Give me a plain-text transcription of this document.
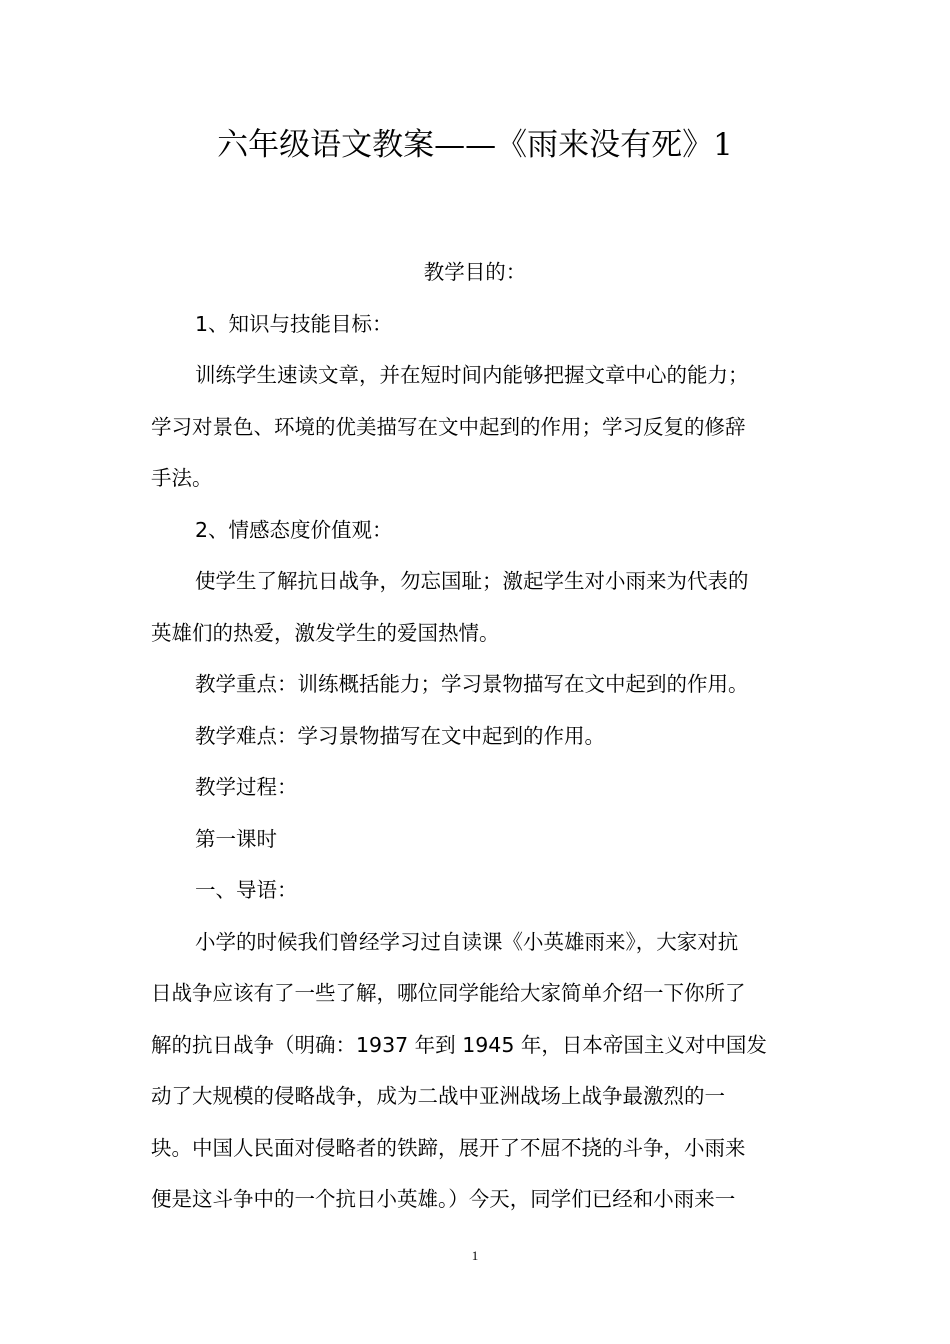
六年级语文教案——《雨来没有死》1

教学目的：

1、知识与技能目标：

训练学生速读文章，并在短时间内能够把握文章中心的能力；

学习对景色、环境的优美描写在文中起到的作用；学习反复的修辞

手法。

2、情感态度价值观：

使学生了解抗日战争，勿忘国耻；激起学生对小雨来为代表的

英雄们的热爱，激发学生的爱国热情。

教学重点：训练概括能力；学习景物描写在文中起到的作用。

教学难点：学习景物描写在文中起到的作用。

教学过程：

第一课时

一、导语：

小学的时候我们曾经学习过自读课《小英雄雨来》，大家对抗

日战争应该有了一些了解，哪位同学能给大家简单介绍一下你所了

解的抗日战争（明确：1937 年到 1945 年，日本帝国主义对中国发

动了大规模的侵略战争，成为二战中亚洲战场上战争最激烈的一

块。中国人民面对侵略者的铁蹄，展开了不屈不挠的斗争，小雨来

便是这斗争中的一个抗日小英雄。）今天，同学们已经和小雨来一

1
